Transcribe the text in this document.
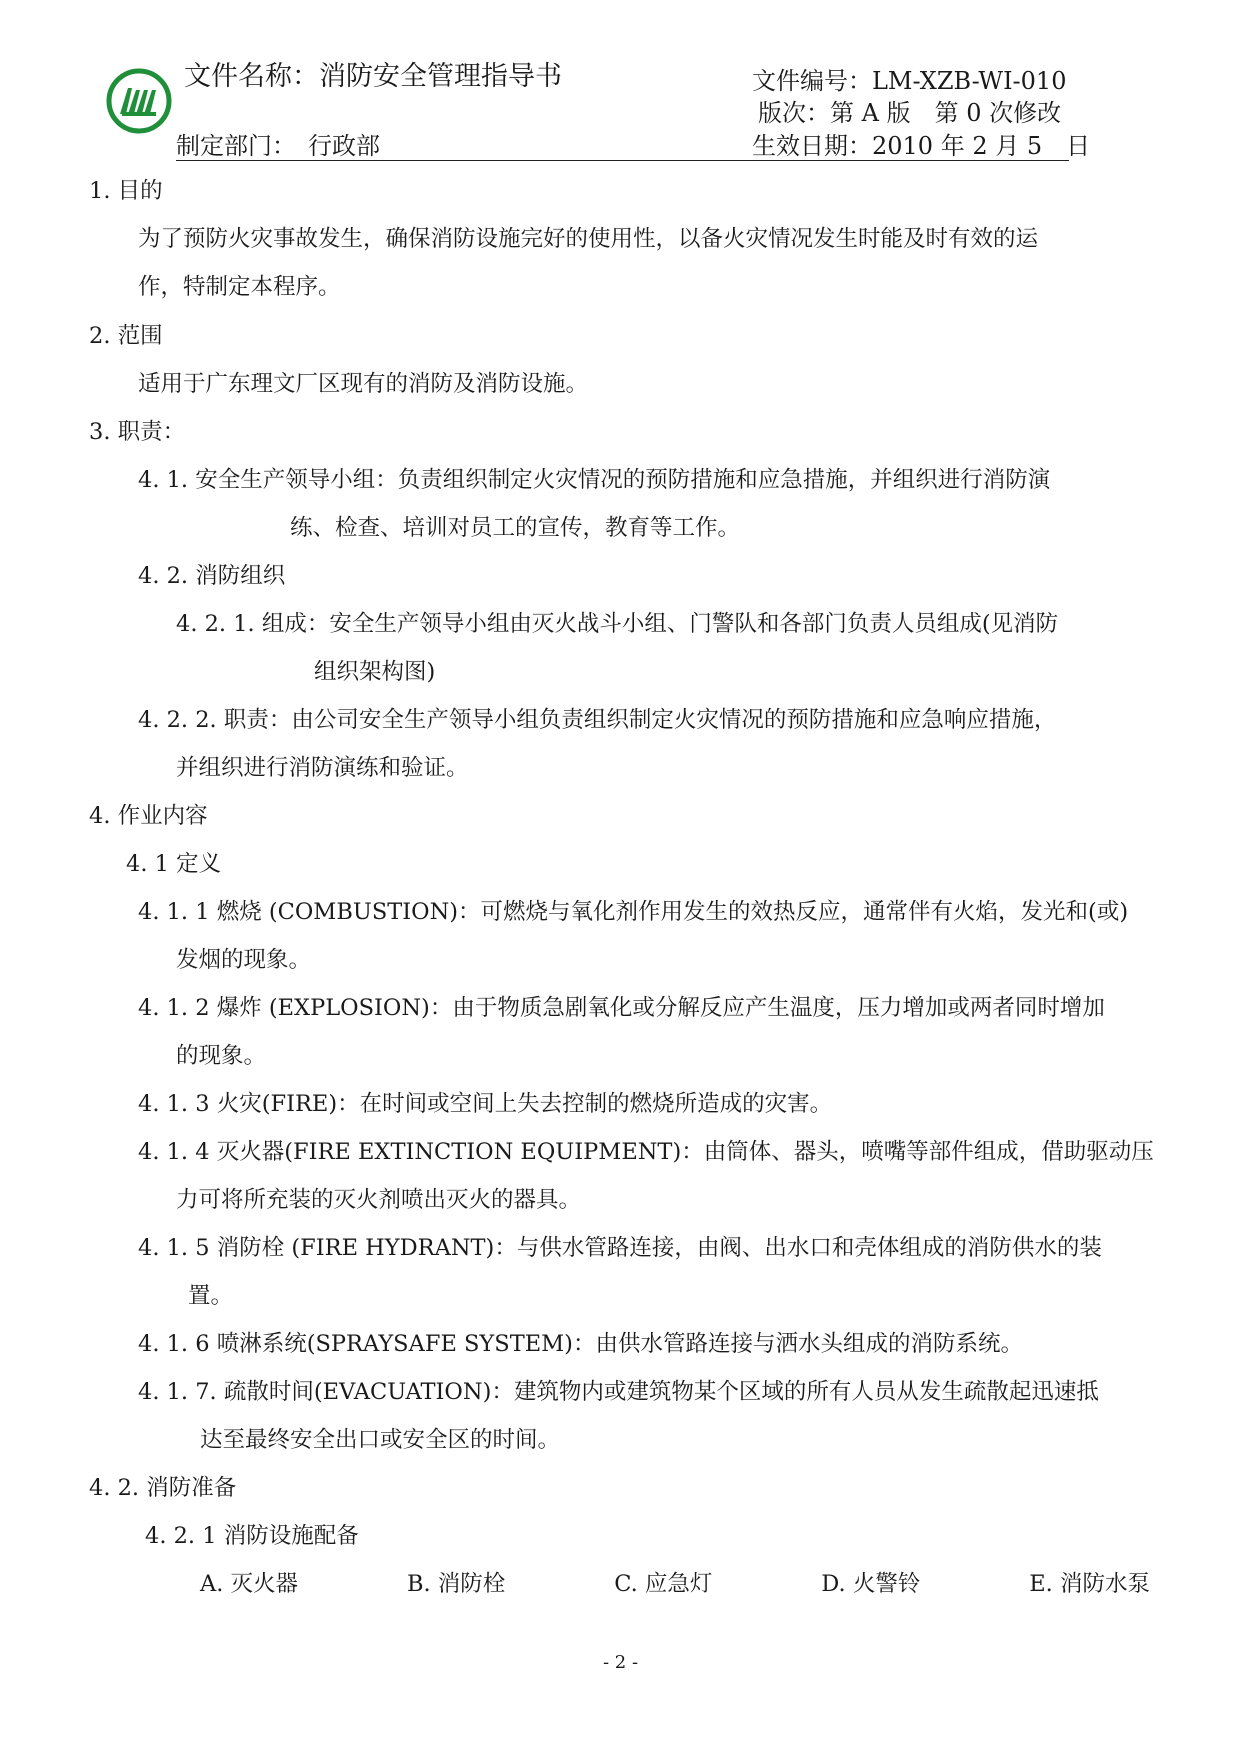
文件名称：消防安全管理指导书	文件编号：LM-XZB-WI-010
版次：第 A 版　第 0 次修改
制定部门：　行政部	生效日期：2010 年 2 月 5　日
1. 目的
为了预防火灾事故发生，确保消防设施完好的使用性，以备火灾情况发生时能及时有效的运
作，特制定本程序。
2. 范围
适用于广东理文厂区现有的消防及消防设施。
3. 职责：
4. 1. 安全生产领导小组：负责组织制定火灾情况的预防措施和应急措施，并组织进行消防演
练、检查、培训对员工的宣传，教育等工作。
4. 2. 消防组织
4. 2. 1. 组成：安全生产领导小组由灭火战斗小组、门警队和各部门负责人员组成(见消防
组织架构图)
4. 2. 2. 职责：由公司安全生产领导小组负责组织制定火灾情况的预防措施和应急响应措施，
并组织进行消防演练和验证。
4. 作业内容
4. 1 定义
4. 1. 1 燃烧 (COMBUSTION)：可燃烧与氧化剂作用发生的效热反应，通常伴有火焰，发光和(或)
发烟的现象。
4. 1. 2 爆炸 (EXPLOSION)：由于物质急剧氧化或分解反应产生温度，压力增加或两者同时增加
的现象。
4. 1. 3 火灾(FIRE)：在时间或空间上失去控制的燃烧所造成的灾害。
4. 1. 4 灭火器(FIRE EXTINCTION EQUIPMENT)：由筒体、器头，喷嘴等部件组成，借助驱动压
力可将所充装的灭火剂喷出灭火的器具。
4. 1. 5 消防栓 (FIRE HYDRANT)：与供水管路连接，由阀、出水口和壳体组成的消防供水的装
置。
4. 1. 6 喷淋系统(SPRAYSAFE SYSTEM)：由供水管路连接与洒水头组成的消防系统。
4. 1. 7. 疏散时间(EVACUATION)：建筑物内或建筑物某个区域的所有人员从发生疏散起迅速抵
达至最终安全出口或安全区的时间。
4. 2. 消防准备
4. 2. 1 消防设施配备
A. 灭火器	B. 消防栓	C. 应急灯	D. 火警铃	E. 消防水泵
- 2 -
